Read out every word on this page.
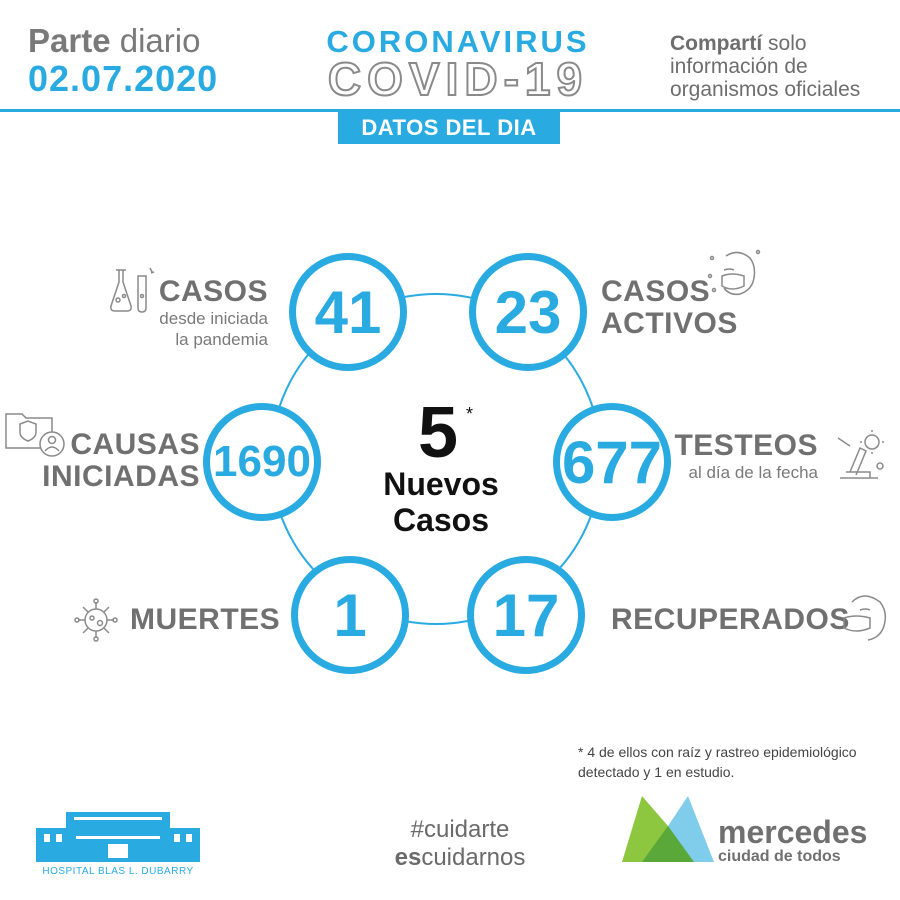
Parte diario
02.07.2020
CORONAVIRUS
COVID-19
Compartí solo
información de
organismos oficiales
DATOS DEL DIA
41	23
1690	677
1	17
5 *
Nuevos
Casos
CASOS
desde iniciada
la pandemia
CASOS
ACTIVOS
CAUSAS
INICIADAS
TESTEOS
al día de la fecha
MUERTES	RECUPERADOS
* 4 de ellos con raíz y rastreo epidemiológico
detectado y 1 en estudio.
HOSPITAL BLAS L. DUBARRY
#cuidarte
escuidarnos
mercedes
ciudad de todos
